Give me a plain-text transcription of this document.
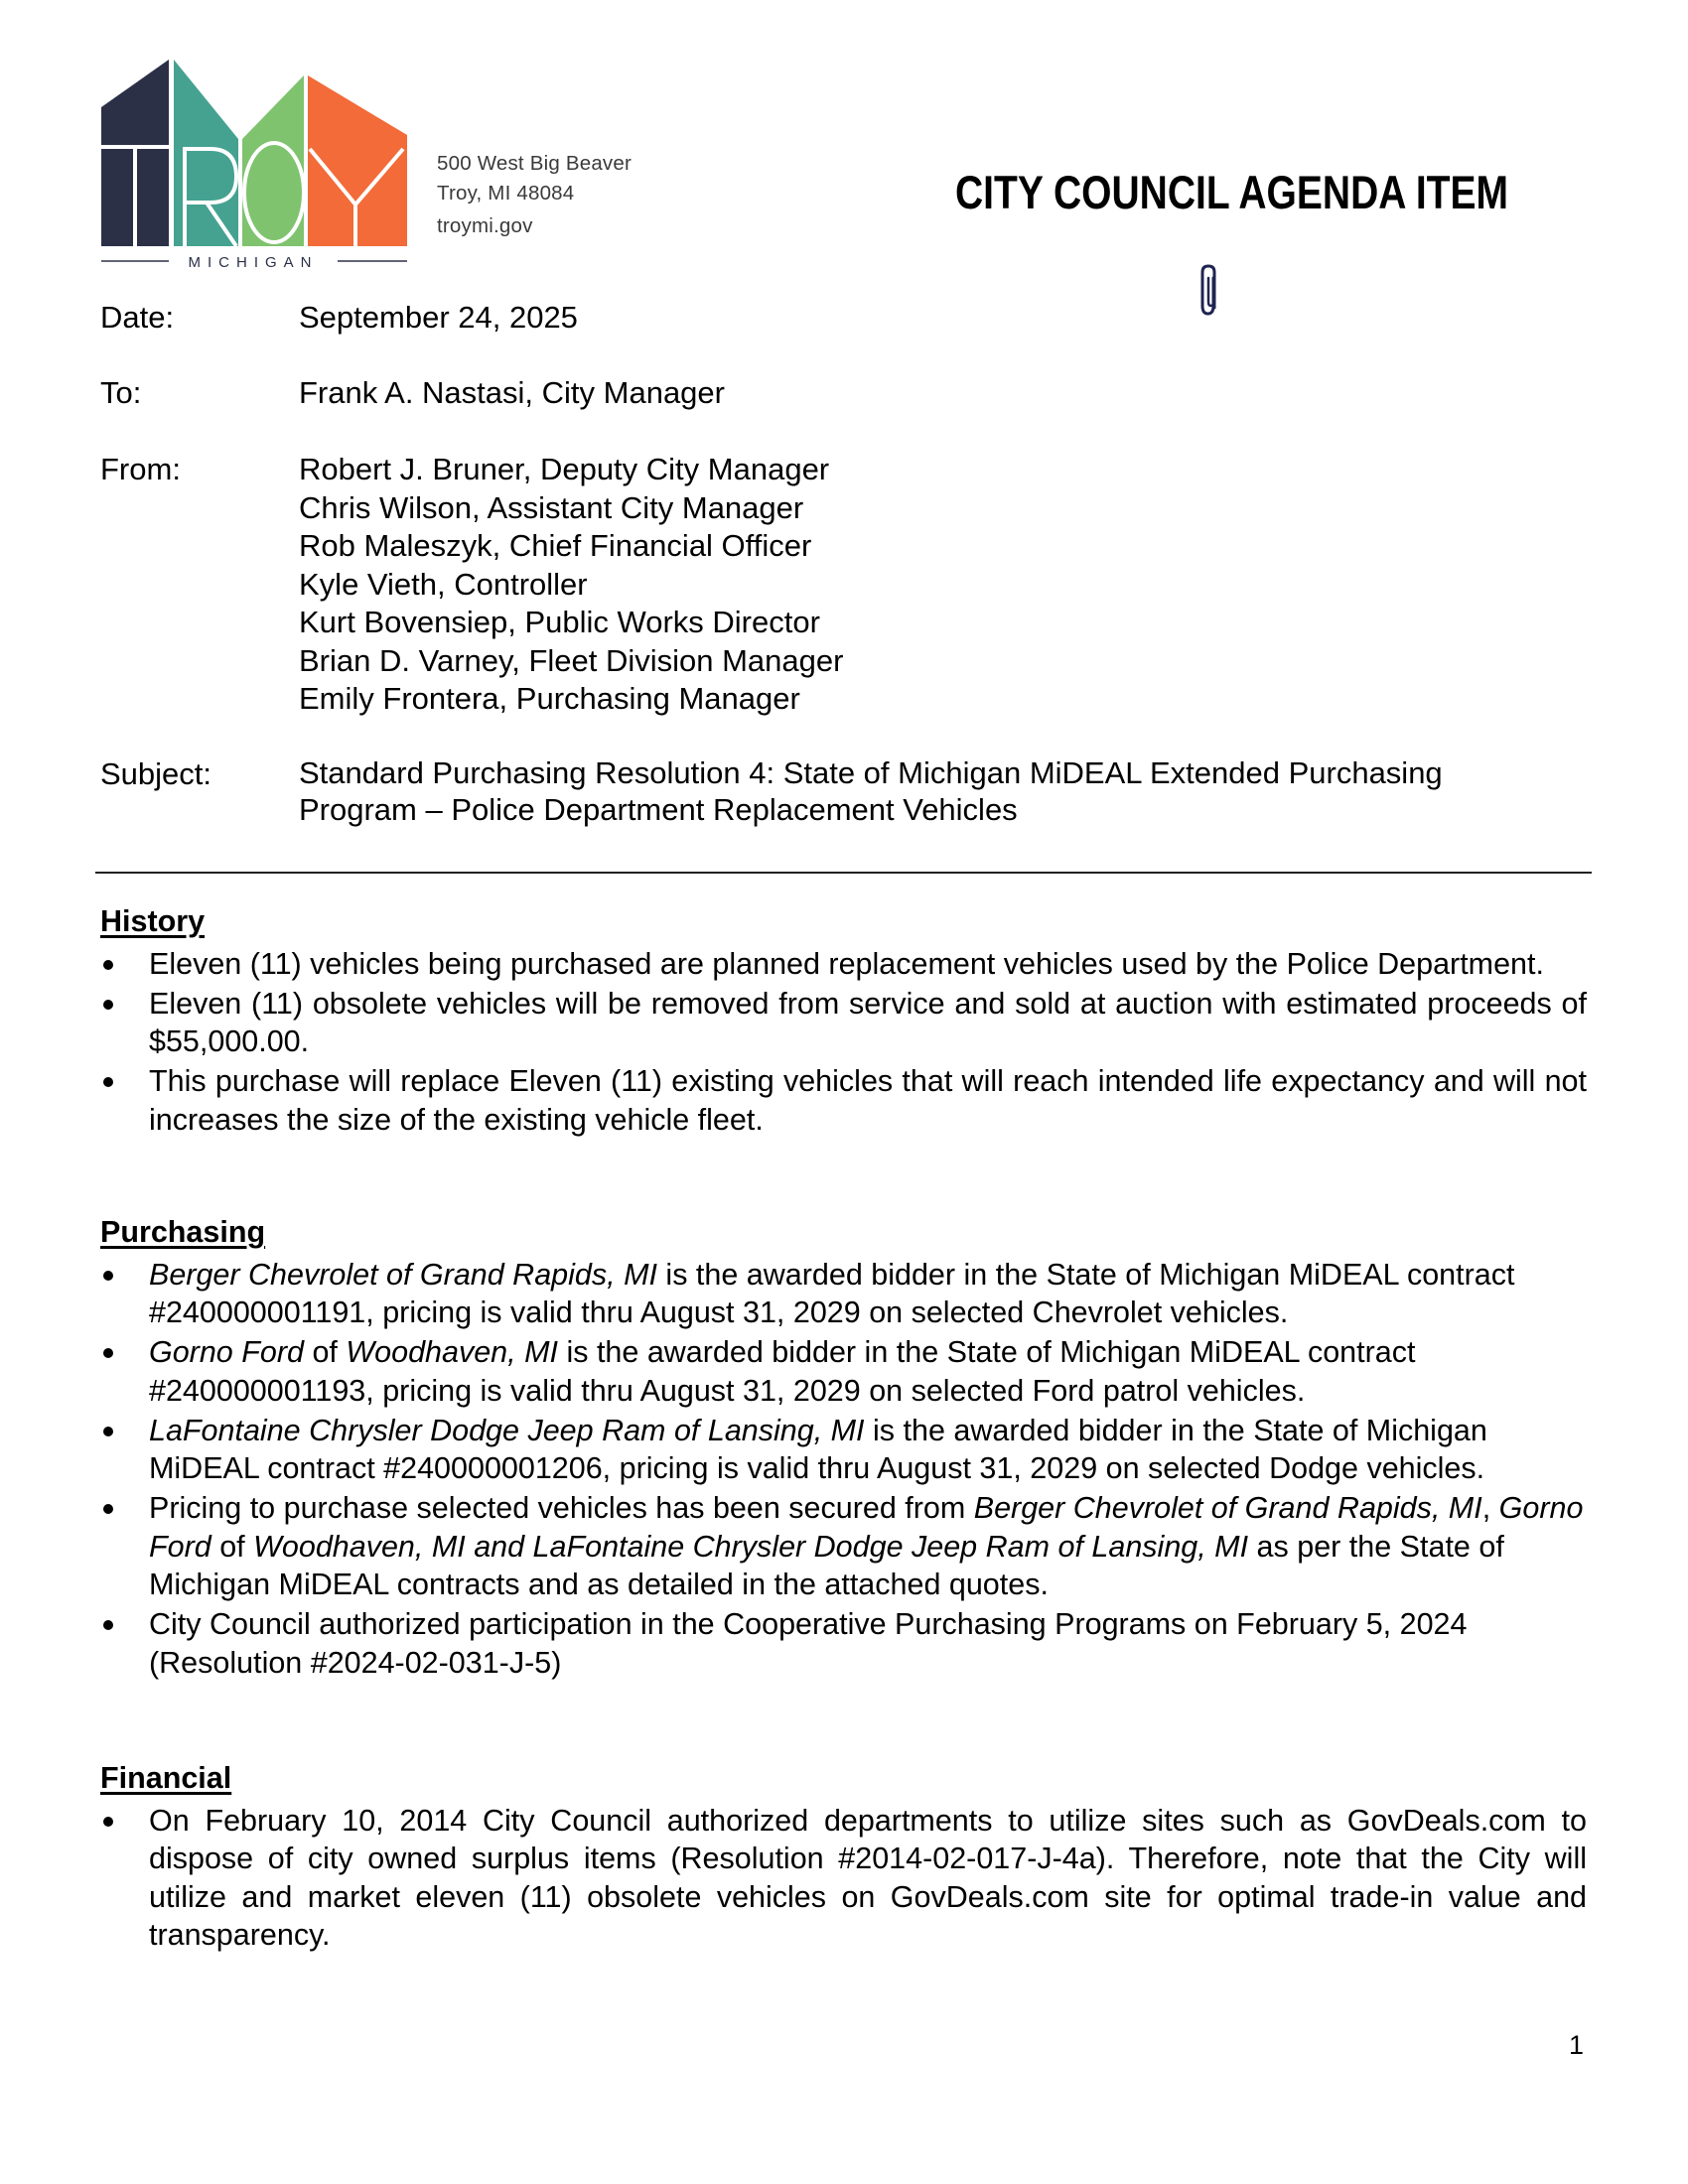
MICHIGAN
500 West Big Beaver
Troy, MI 48084
troymi.gov
CITY COUNCIL AGENDA ITEM
Date:	September 24, 2025
To:	Frank A. Nastasi, City Manager
From:	Robert J. Bruner, Deputy City Manager
Chris Wilson, Assistant City Manager
Rob Maleszyk, Chief Financial Officer
Kyle Vieth, Controller
Kurt Bovensiep, Public Works Director
Brian D. Varney, Fleet Division Manager
Emily Frontera, Purchasing Manager
Subject:	Standard Purchasing Resolution 4: State of Michigan MiDEAL Extended Purchasing
Program – Police Department Replacement Vehicles
History
Eleven (11) vehicles being purchased are planned replacement vehicles used by the Police Department.
Eleven (11) obsolete vehicles will be removed from service and sold at auction with estimated proceeds of $55,000.00.
This purchase will replace Eleven (11) existing vehicles that will reach intended life expectancy and will not increases the size of the existing vehicle fleet.
Purchasing
Berger Chevrolet of Grand Rapids, MI is the awarded bidder in the State of Michigan MiDEAL contract #240000001191, pricing is valid thru August 31, 2029 on selected Chevrolet vehicles.
Gorno Ford of Woodhaven, MI is the awarded bidder in the State of Michigan MiDEAL contract #240000001193, pricing is valid thru August 31, 2029 on selected Ford patrol vehicles.
LaFontaine Chrysler Dodge Jeep Ram of Lansing, MI is the awarded bidder in the State of Michigan MiDEAL contract #240000001206, pricing is valid thru August 31, 2029 on selected Dodge vehicles.
Pricing to purchase selected vehicles has been secured from Berger Chevrolet of Grand Rapids, MI, Gorno Ford of Woodhaven, MI and LaFontaine Chrysler Dodge Jeep Ram of Lansing, MI as per the State of Michigan MiDEAL contracts and as detailed in the attached quotes.
City Council authorized participation in the Cooperative Purchasing Programs on February 5, 2024 (Resolution #2024-02-031-J-5)
Financial
On February 10, 2014 City Council authorized departments to utilize sites such as GovDeals.com to dispose of city owned surplus items (Resolution #2014-02-017-J-4a). Therefore, note that the City will utilize and market eleven (11) obsolete vehicles on GovDeals.com site for optimal trade-in value and transparency.
1
